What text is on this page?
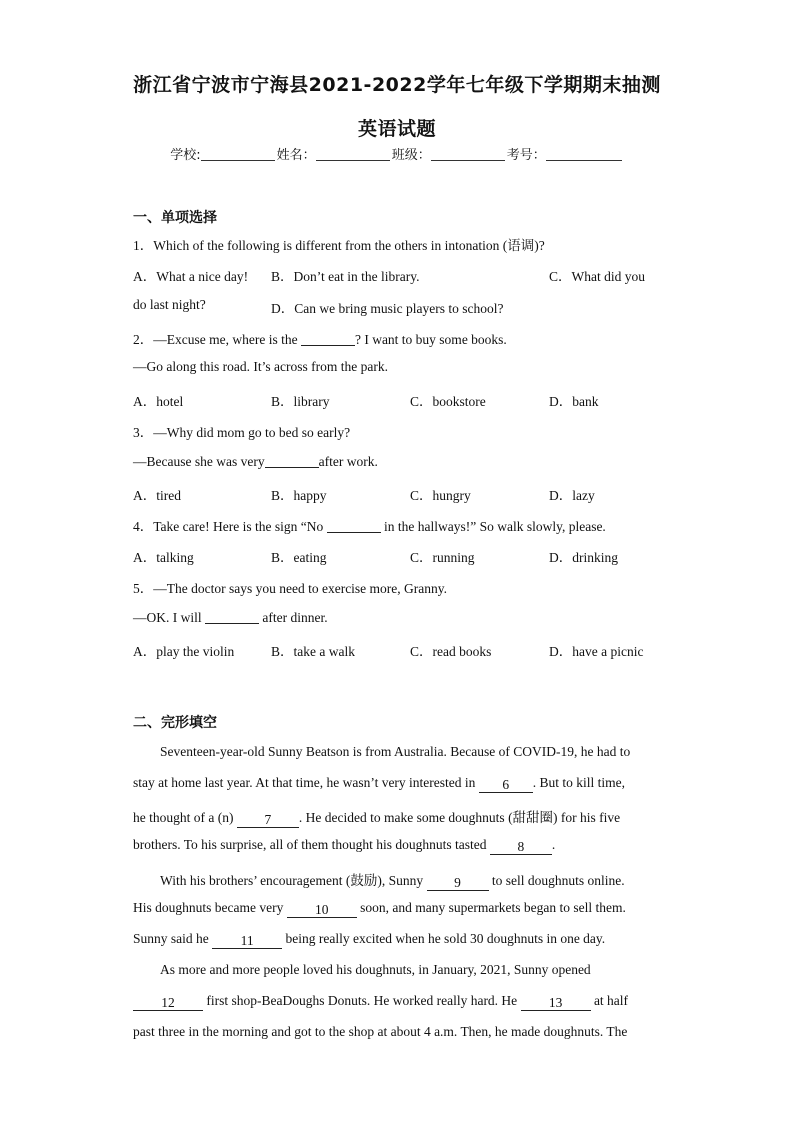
浙江省宁波市宁海县2021-2022学年七年级下学期期末抽测
英语试题
学校:	姓名：	班级：	考号：
一、单项选择
1．Which of the following is different from the others in intonation (语调)?
A．What a nice day! B．Don’t eat in the library.	C．What did you
do last night?	D．Can we bring music players to school?
2．—Excuse me, where is the	? I want to buy some books.
—Go along this road. It’s across from the park.
A．hotel	B．library	C．bookstore	D．bank
3．—Why did mom go to bed so early?
—Because she was very	after work.
A．tired	B．happy	C．hungry	D．lazy
4．Take care! Here is the sign “No	in the hallways!” So walk slowly, please.
A．talking	B．eating	C．running	D．drinking
5．—The doctor says you need to exercise more, Granny.
—OK. I will	after dinner.
A．play the violin	B．take a walk	C．read books	D．have a picnic
二、完形填空
Seventeen-year-old Sunny Beatson is from Australia. Because of COVID-19, he had to
stay at home last year. At that time, he wasn’t very interested in 6 . But to kill time,
he thought of a (n) 7 . He decided to make some doughnuts (甜甜圈) for his five
brothers. To his surprise, all of them thought his doughnuts tasted 8 .
With his brothers’ encouragement (鼓励), Sunny 9 to sell doughnuts online.
His doughnuts became very 10 soon, and many supermarkets began to sell them.
Sunny said he 11 being really excited when he sold 30 doughnuts in one day.
As more and more people loved his doughnuts, in January, 2021, Sunny opened
12 first shop-BeaDoughs Donuts. He worked really hard. He 13 at half
past three in the morning and got to the shop at about 4 a.m. Then, he made doughnuts. The
